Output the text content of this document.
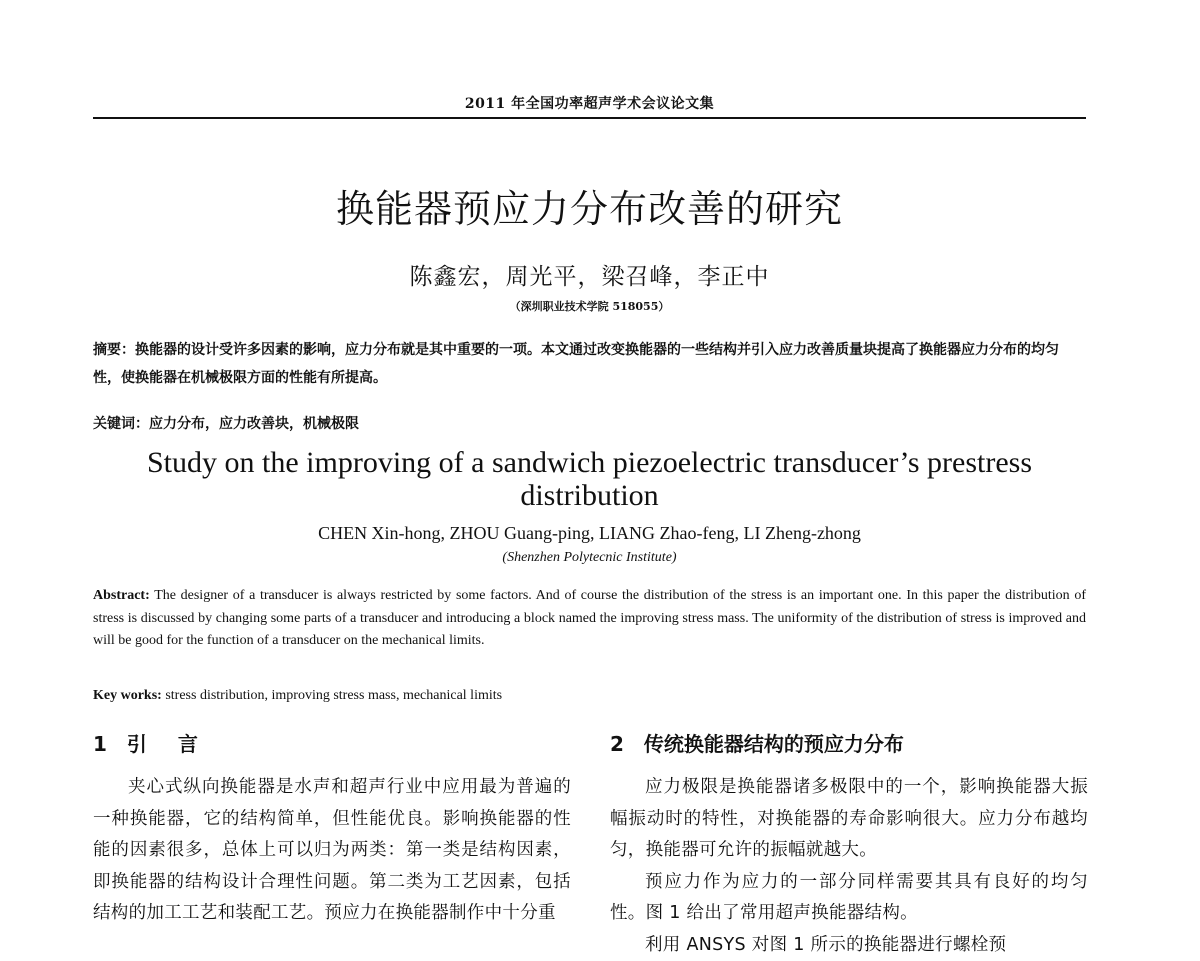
2011 年全国功率超声学术会议论文集
换能器预应力分布改善的研究
陈鑫宏，周光平，梁召峰，李正中
（深圳职业技术学院 518055）
摘要：换能器的设计受许多因素的影响，应力分布就是其中重要的一项。本文通过改变换能器的一些结构并引入应力改善质量块提高了换能器应力分布的均匀性，使换能器在机械极限方面的性能有所提高。
关键词：应力分布，应力改善块，机械极限
Study on the improving of a sandwich piezoelectric transducer’s prestress distribution
CHEN Xin-hong, ZHOU Guang-ping, LIANG Zhao-feng, LI Zheng-zhong
(Shenzhen Polytecnic Institute)
Abstract: The designer of a transducer is always restricted by some factors. And of course the distribution of the stress is an important one. In this paper the distribution of stress is discussed by changing some parts of a transducer and introducing a block named the improving stress mass. The uniformity of the distribution of stress is improved and will be good for the function of a transducer on the mechanical limits.
Key works: stress distribution, improving stress mass, mechanical limits
1 引 言

夹心式纵向换能器是水声和超声行业中应用最为普遍的一种换能器，它的结构简单，但性能优良。影响换能器的性能的因素很多，总体上可以归为两类：第一类是结构因素，即换能器的结构设计合理性问题。第二类为工艺因素，包括结构的加工工艺和装配工艺。预应力在换能器制作中十分重

2 传统换能器结构的预应力分布

应力极限是换能器诸多极限中的一个，影响换能器大振幅振动时的特性，对换能器的寿命影响很大。应力分布越均匀，换能器可允许的振幅就越大。

预应力作为应力的一部分同样需要其具有良好的均匀性。图 1 给出了常用超声换能器结构。

利用 ANSYS 对图 1 所示的换能器进行螺栓预
